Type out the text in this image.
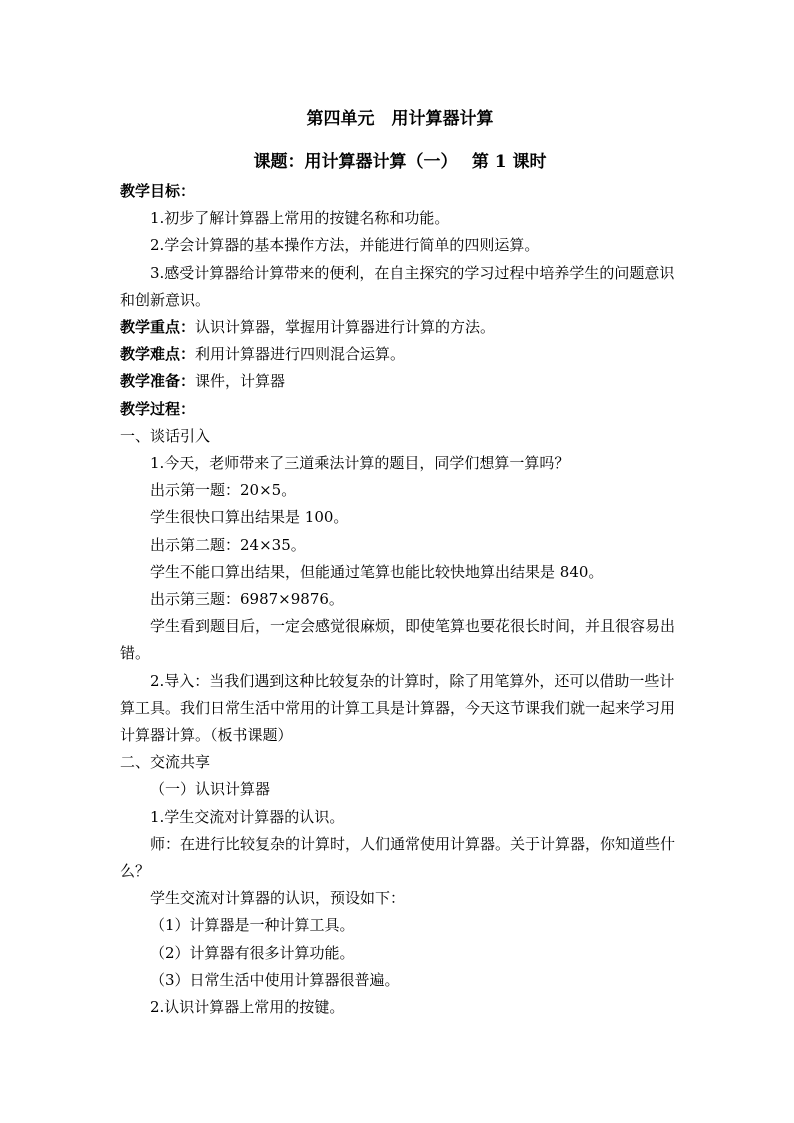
第四单元　用计算器计算
课题：用计算器计算（一）　 第 1 课时

教学目标：

1.初步了解计算器上常用的按键名称和功能。

2.学会计算器的基本操作方法，并能进行简单的四则运算。

3.感受计算器给计算带来的便利，在自主探究的学习过程中培养学生的问题意识和创新意识。

教学重点：认识计算器，掌握用计算器进行计算的方法。

教学难点：利用计算器进行四则混合运算。

教学准备：课件，计算器

教学过程：

一、谈话引入

1.今天，老师带来了三道乘法计算的题目，同学们想算一算吗？

出示第一题：20×5。

学生很快口算出结果是 100。

出示第二题：24×35。

学生不能口算出结果，但能通过笔算也能比较快地算出结果是 840。

出示第三题：6987×9876。

学生看到题目后，一定会感觉很麻烦，即使笔算也要花很长时间，并且很容易出错。

2.导入：当我们遇到这种比较复杂的计算时，除了用笔算外，还可以借助一些计算工具。我们日常生活中常用的计算工具是计算器，今天这节课我们就一起来学习用计算器计算。（板书课题）

二、交流共享

（一）认识计算器

1.学生交流对计算器的认识。

师：在进行比较复杂的计算时，人们通常使用计算器。关于计算器，你知道些什么？

学生交流对计算器的认识，预设如下：

（1）计算器是一种计算工具。

（2）计算器有很多计算功能。

（3）日常生活中使用计算器很普遍。

2.认识计算器上常用的按键。
